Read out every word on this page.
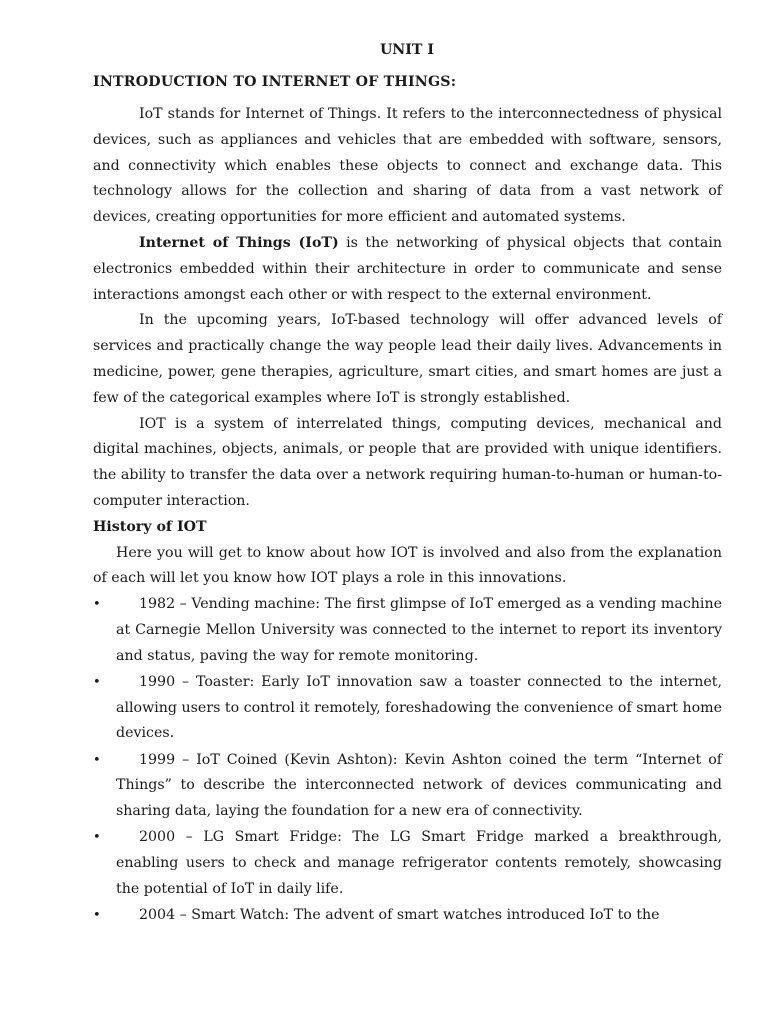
UNIT I
INTRODUCTION TO INTERNET OF THINGS:

IoT stands for Internet of Things. It refers to the interconnectedness of physical devices, such as appliances and vehicles that are embedded with software, sensors, and connectivity which enables these objects to connect and exchange data. This technology allows for the collection and sharing of data from a vast network of devices, creating opportunities for more efficient and automated systems.

Internet of Things (IoT) is the networking of physical objects that contain electronics embedded within their architecture in order to communicate and sense interactions amongst each other or with respect to the external environment.

In the upcoming years, IoT-based technology will offer advanced levels of services and practically change the way people lead their daily lives. Advancements in medicine, power, gene therapies, agriculture, smart cities, and smart homes are just a few of the categorical examples where IoT is strongly established.

IOT is a system of interrelated things, computing devices, mechanical and digital machines, objects, animals, or people that are provided with unique identifiers. the ability to transfer the data over a network requiring human-to-human or human-to-computer interaction.

History of IOT

Here you will get to know about how IOT is involved and also from the explanation of each will let you know how IOT plays a role in this innovations.

•	1982 – Vending machine: The first glimpse of IoT emerged as a vending machine at Carnegie Mellon University was connected to the internet to report its inventory and status, paving the way for remote monitoring.
•	1990 – Toaster: Early IoT innovation saw a toaster connected to the internet, allowing users to control it remotely, foreshadowing the convenience of smart home devices.
•	1999 – IoT Coined (Kevin Ashton): Kevin Ashton coined the term “Internet of Things” to describe the interconnected network of devices communicating and sharing data, laying the foundation for a new era of connectivity.
•	2000 – LG Smart Fridge: The LG Smart Fridge marked a breakthrough, enabling users to check and manage refrigerator contents remotely, showcasing the potential of IoT in daily life.
•	2004 – Smart Watch: The advent of smart watches introduced IoT to the
